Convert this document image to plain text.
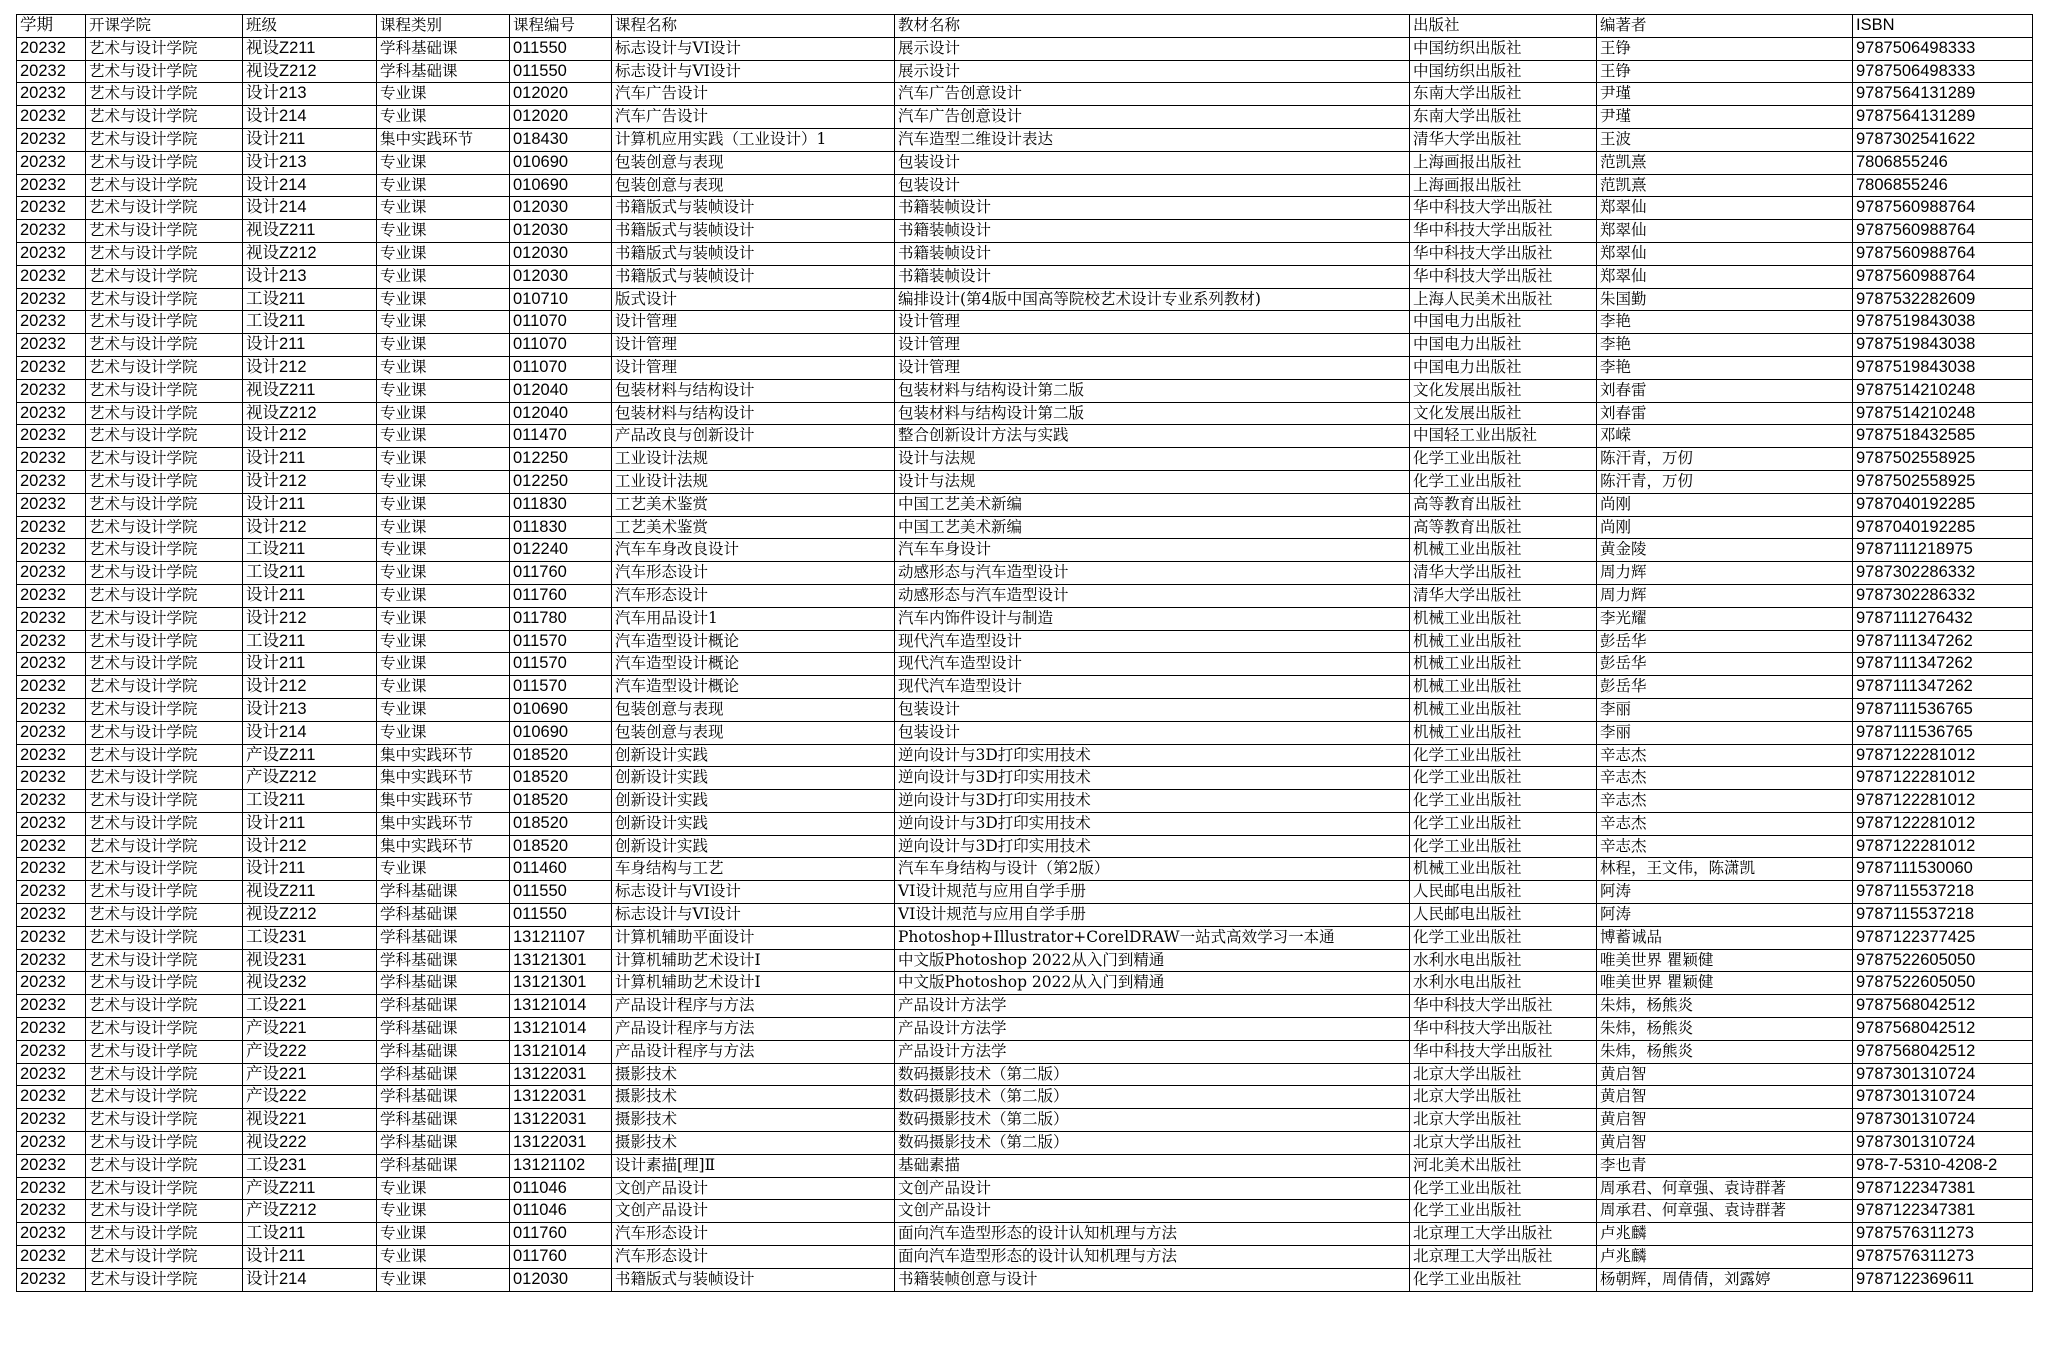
学期	开课学院	班级	课程类别	课程编号	课程名称	教材名称	出版社	编著者	ISBN
20232	艺术与设计学院	视设Z211	学科基础课	011550	标志设计与VI设计	展示设计	中国纺织出版社	王铮	9787506498333
20232	艺术与设计学院	视设Z212	学科基础课	011550	标志设计与VI设计	展示设计	中国纺织出版社	王铮	9787506498333
20232	艺术与设计学院	设计213	专业课	012020	汽车广告设计	汽车广告创意设计	东南大学出版社	尹瑾	9787564131289
20232	艺术与设计学院	设计214	专业课	012020	汽车广告设计	汽车广告创意设计	东南大学出版社	尹瑾	9787564131289
20232	艺术与设计学院	设计211	集中实践环节	018430	计算机应用实践（工业设计）1	汽车造型二维设计表达	清华大学出版社	王波	9787302541622
20232	艺术与设计学院	设计213	专业课	010690	包装创意与表现	包装设计	上海画报出版社	范凯熹	7806855246
20232	艺术与设计学院	设计214	专业课	010690	包装创意与表现	包装设计	上海画报出版社	范凯熹	7806855246
20232	艺术与设计学院	设计214	专业课	012030	书籍版式与装帧设计	书籍装帧设计	华中科技大学出版社	郑翠仙	9787560988764
20232	艺术与设计学院	视设Z211	专业课	012030	书籍版式与装帧设计	书籍装帧设计	华中科技大学出版社	郑翠仙	9787560988764
20232	艺术与设计学院	视设Z212	专业课	012030	书籍版式与装帧设计	书籍装帧设计	华中科技大学出版社	郑翠仙	9787560988764
20232	艺术与设计学院	设计213	专业课	012030	书籍版式与装帧设计	书籍装帧设计	华中科技大学出版社	郑翠仙	9787560988764
20232	艺术与设计学院	工设211	专业课	010710	版式设计	编排设计(第4版中国高等院校艺术设计专业系列教材)	上海人民美术出版社	朱国勤	9787532282609
20232	艺术与设计学院	工设211	专业课	011070	设计管理	设计管理	中国电力出版社	李艳	9787519843038
20232	艺术与设计学院	设计211	专业课	011070	设计管理	设计管理	中国电力出版社	李艳	9787519843038
20232	艺术与设计学院	设计212	专业课	011070	设计管理	设计管理	中国电力出版社	李艳	9787519843038
20232	艺术与设计学院	视设Z211	专业课	012040	包装材料与结构设计	包装材料与结构设计第二版	文化发展出版社	刘春雷	9787514210248
20232	艺术与设计学院	视设Z212	专业课	012040	包装材料与结构设计	包装材料与结构设计第二版	文化发展出版社	刘春雷	9787514210248
20232	艺术与设计学院	设计212	专业课	011470	产品改良与创新设计	整合创新设计方法与实践	中国轻工业出版社	邓嵘	9787518432585
20232	艺术与设计学院	设计211	专业课	012250	工业设计法规	设计与法规	化学工业出版社	陈汗青，万仞	9787502558925
20232	艺术与设计学院	设计212	专业课	012250	工业设计法规	设计与法规	化学工业出版社	陈汗青，万仞	9787502558925
20232	艺术与设计学院	设计211	专业课	011830	工艺美术鉴赏	中国工艺美术新编	高等教育出版社	尚刚	9787040192285
20232	艺术与设计学院	设计212	专业课	011830	工艺美术鉴赏	中国工艺美术新编	高等教育出版社	尚刚	9787040192285
20232	艺术与设计学院	工设211	专业课	012240	汽车车身改良设计	汽车车身设计	机械工业出版社	黄金陵	9787111218975
20232	艺术与设计学院	工设211	专业课	011760	汽车形态设计	动感形态与汽车造型设计	清华大学出版社	周力辉	9787302286332
20232	艺术与设计学院	设计211	专业课	011760	汽车形态设计	动感形态与汽车造型设计	清华大学出版社	周力辉	9787302286332
20232	艺术与设计学院	设计212	专业课	011780	汽车用品设计1	汽车内饰件设计与制造	机械工业出版社	李光耀	9787111276432
20232	艺术与设计学院	工设211	专业课	011570	汽车造型设计概论	现代汽车造型设计	机械工业出版社	彭岳华	9787111347262
20232	艺术与设计学院	设计211	专业课	011570	汽车造型设计概论	现代汽车造型设计	机械工业出版社	彭岳华	9787111347262
20232	艺术与设计学院	设计212	专业课	011570	汽车造型设计概论	现代汽车造型设计	机械工业出版社	彭岳华	9787111347262
20232	艺术与设计学院	设计213	专业课	010690	包装创意与表现	包装设计	机械工业出版社	李丽	9787111536765
20232	艺术与设计学院	设计214	专业课	010690	包装创意与表现	包装设计	机械工业出版社	李丽	9787111536765
20232	艺术与设计学院	产设Z211	集中实践环节	018520	创新设计实践	逆向设计与3D打印实用技术	化学工业出版社	辛志杰	9787122281012
20232	艺术与设计学院	产设Z212	集中实践环节	018520	创新设计实践	逆向设计与3D打印实用技术	化学工业出版社	辛志杰	9787122281012
20232	艺术与设计学院	工设211	集中实践环节	018520	创新设计实践	逆向设计与3D打印实用技术	化学工业出版社	辛志杰	9787122281012
20232	艺术与设计学院	设计211	集中实践环节	018520	创新设计实践	逆向设计与3D打印实用技术	化学工业出版社	辛志杰	9787122281012
20232	艺术与设计学院	设计212	集中实践环节	018520	创新设计实践	逆向设计与3D打印实用技术	化学工业出版社	辛志杰	9787122281012
20232	艺术与设计学院	设计211	专业课	011460	车身结构与工艺	汽车车身结构与设计（第2版）	机械工业出版社	林程，王文伟，陈潇凯	9787111530060
20232	艺术与设计学院	视设Z211	学科基础课	011550	标志设计与VI设计	VI设计规范与应用自学手册	人民邮电出版社	阿涛	9787115537218
20232	艺术与设计学院	视设Z212	学科基础课	011550	标志设计与VI设计	VI设计规范与应用自学手册	人民邮电出版社	阿涛	9787115537218
20232	艺术与设计学院	工设231	学科基础课	13121107	计算机辅助平面设计	Photoshop+Illustrator+CorelDRAW一站式高效学习一本通	化学工业出版社	博蓄诚品	9787122377425
20232	艺术与设计学院	视设231	学科基础课	13121301	计算机辅助艺术设计Ⅰ	中文版Photoshop 2022从入门到精通	水利水电出版社	唯美世界 瞿颖健	9787522605050
20232	艺术与设计学院	视设232	学科基础课	13121301	计算机辅助艺术设计Ⅰ	中文版Photoshop 2022从入门到精通	水利水电出版社	唯美世界 瞿颖健	9787522605050
20232	艺术与设计学院	工设221	学科基础课	13121014	产品设计程序与方法	产品设计方法学	华中科技大学出版社	朱炜，杨熊炎	9787568042512
20232	艺术与设计学院	产设221	学科基础课	13121014	产品设计程序与方法	产品设计方法学	华中科技大学出版社	朱炜，杨熊炎	9787568042512
20232	艺术与设计学院	产设222	学科基础课	13121014	产品设计程序与方法	产品设计方法学	华中科技大学出版社	朱炜，杨熊炎	9787568042512
20232	艺术与设计学院	产设221	学科基础课	13122031	摄影技术	数码摄影技术（第二版）	北京大学出版社	黄启智	9787301310724
20232	艺术与设计学院	产设222	学科基础课	13122031	摄影技术	数码摄影技术（第二版）	北京大学出版社	黄启智	9787301310724
20232	艺术与设计学院	视设221	学科基础课	13122031	摄影技术	数码摄影技术（第二版）	北京大学出版社	黄启智	9787301310724
20232	艺术与设计学院	视设222	学科基础课	13122031	摄影技术	数码摄影技术（第二版）	北京大学出版社	黄启智	9787301310724
20232	艺术与设计学院	工设231	学科基础课	13121102	设计素描[理]Ⅱ	基础素描	河北美术出版社	李也青	978-7-5310-4208-2
20232	艺术与设计学院	产设Z211	专业课	011046	文创产品设计	文创产品设计	化学工业出版社	周承君、何章强、袁诗群著	9787122347381
20232	艺术与设计学院	产设Z212	专业课	011046	文创产品设计	文创产品设计	化学工业出版社	周承君、何章强、袁诗群著	9787122347381
20232	艺术与设计学院	工设211	专业课	011760	汽车形态设计	面向汽车造型形态的设计认知机理与方法	北京理工大学出版社	卢兆麟	9787576311273
20232	艺术与设计学院	设计211	专业课	011760	汽车形态设计	面向汽车造型形态的设计认知机理与方法	北京理工大学出版社	卢兆麟	9787576311273
20232	艺术与设计学院	设计214	专业课	012030	书籍版式与装帧设计	书籍装帧创意与设计	化学工业出版社	杨朝辉，周倩倩，刘露婷	9787122369611
